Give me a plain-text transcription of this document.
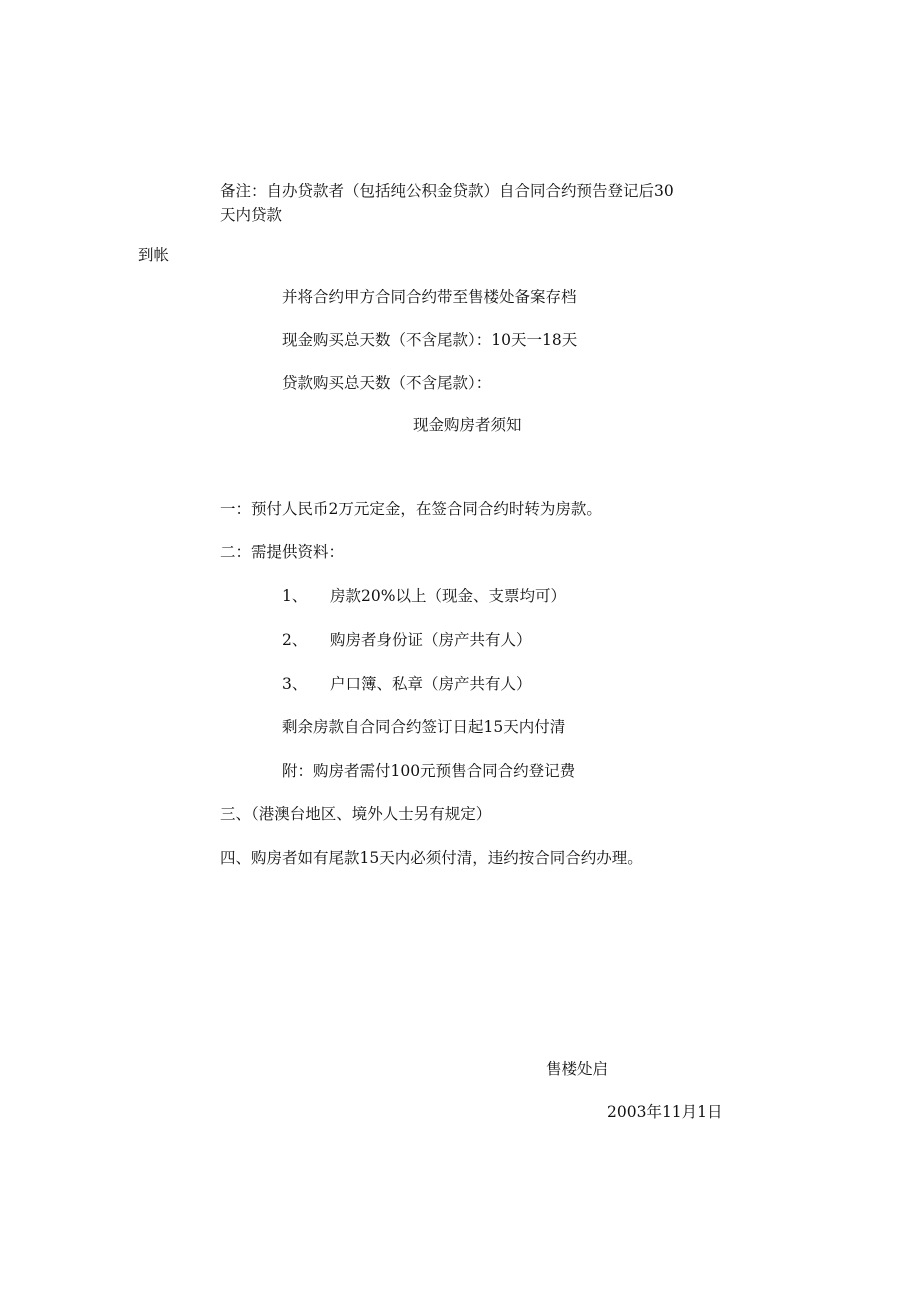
备注：自办贷款者（包括纯公积金贷款）自合同合约预告登记后30
天内贷款
到帐
并将合约甲方合同合约带至售楼处备案存档
现金购买总天数（不含尾款）：10天一18天
贷款购买总天数（不含尾款）：
现金购房者须知
一：预付人民币2万元定金，在签合同合约时转为房款。
二：需提供资料：
1、 房款20%以上（现金、支票均可）
2、 购房者身份证（房产共有人）
3、 户口簿、私章（房产共有人）
剩余房款自合同合约签订日起15天内付清
附：购房者需付100元预售合同合约登记费
三、（港澳台地区、境外人士另有规定）
四、购房者如有尾款15天内必须付清，违约按合同合约办理。
售楼处启
2003年11月1日
